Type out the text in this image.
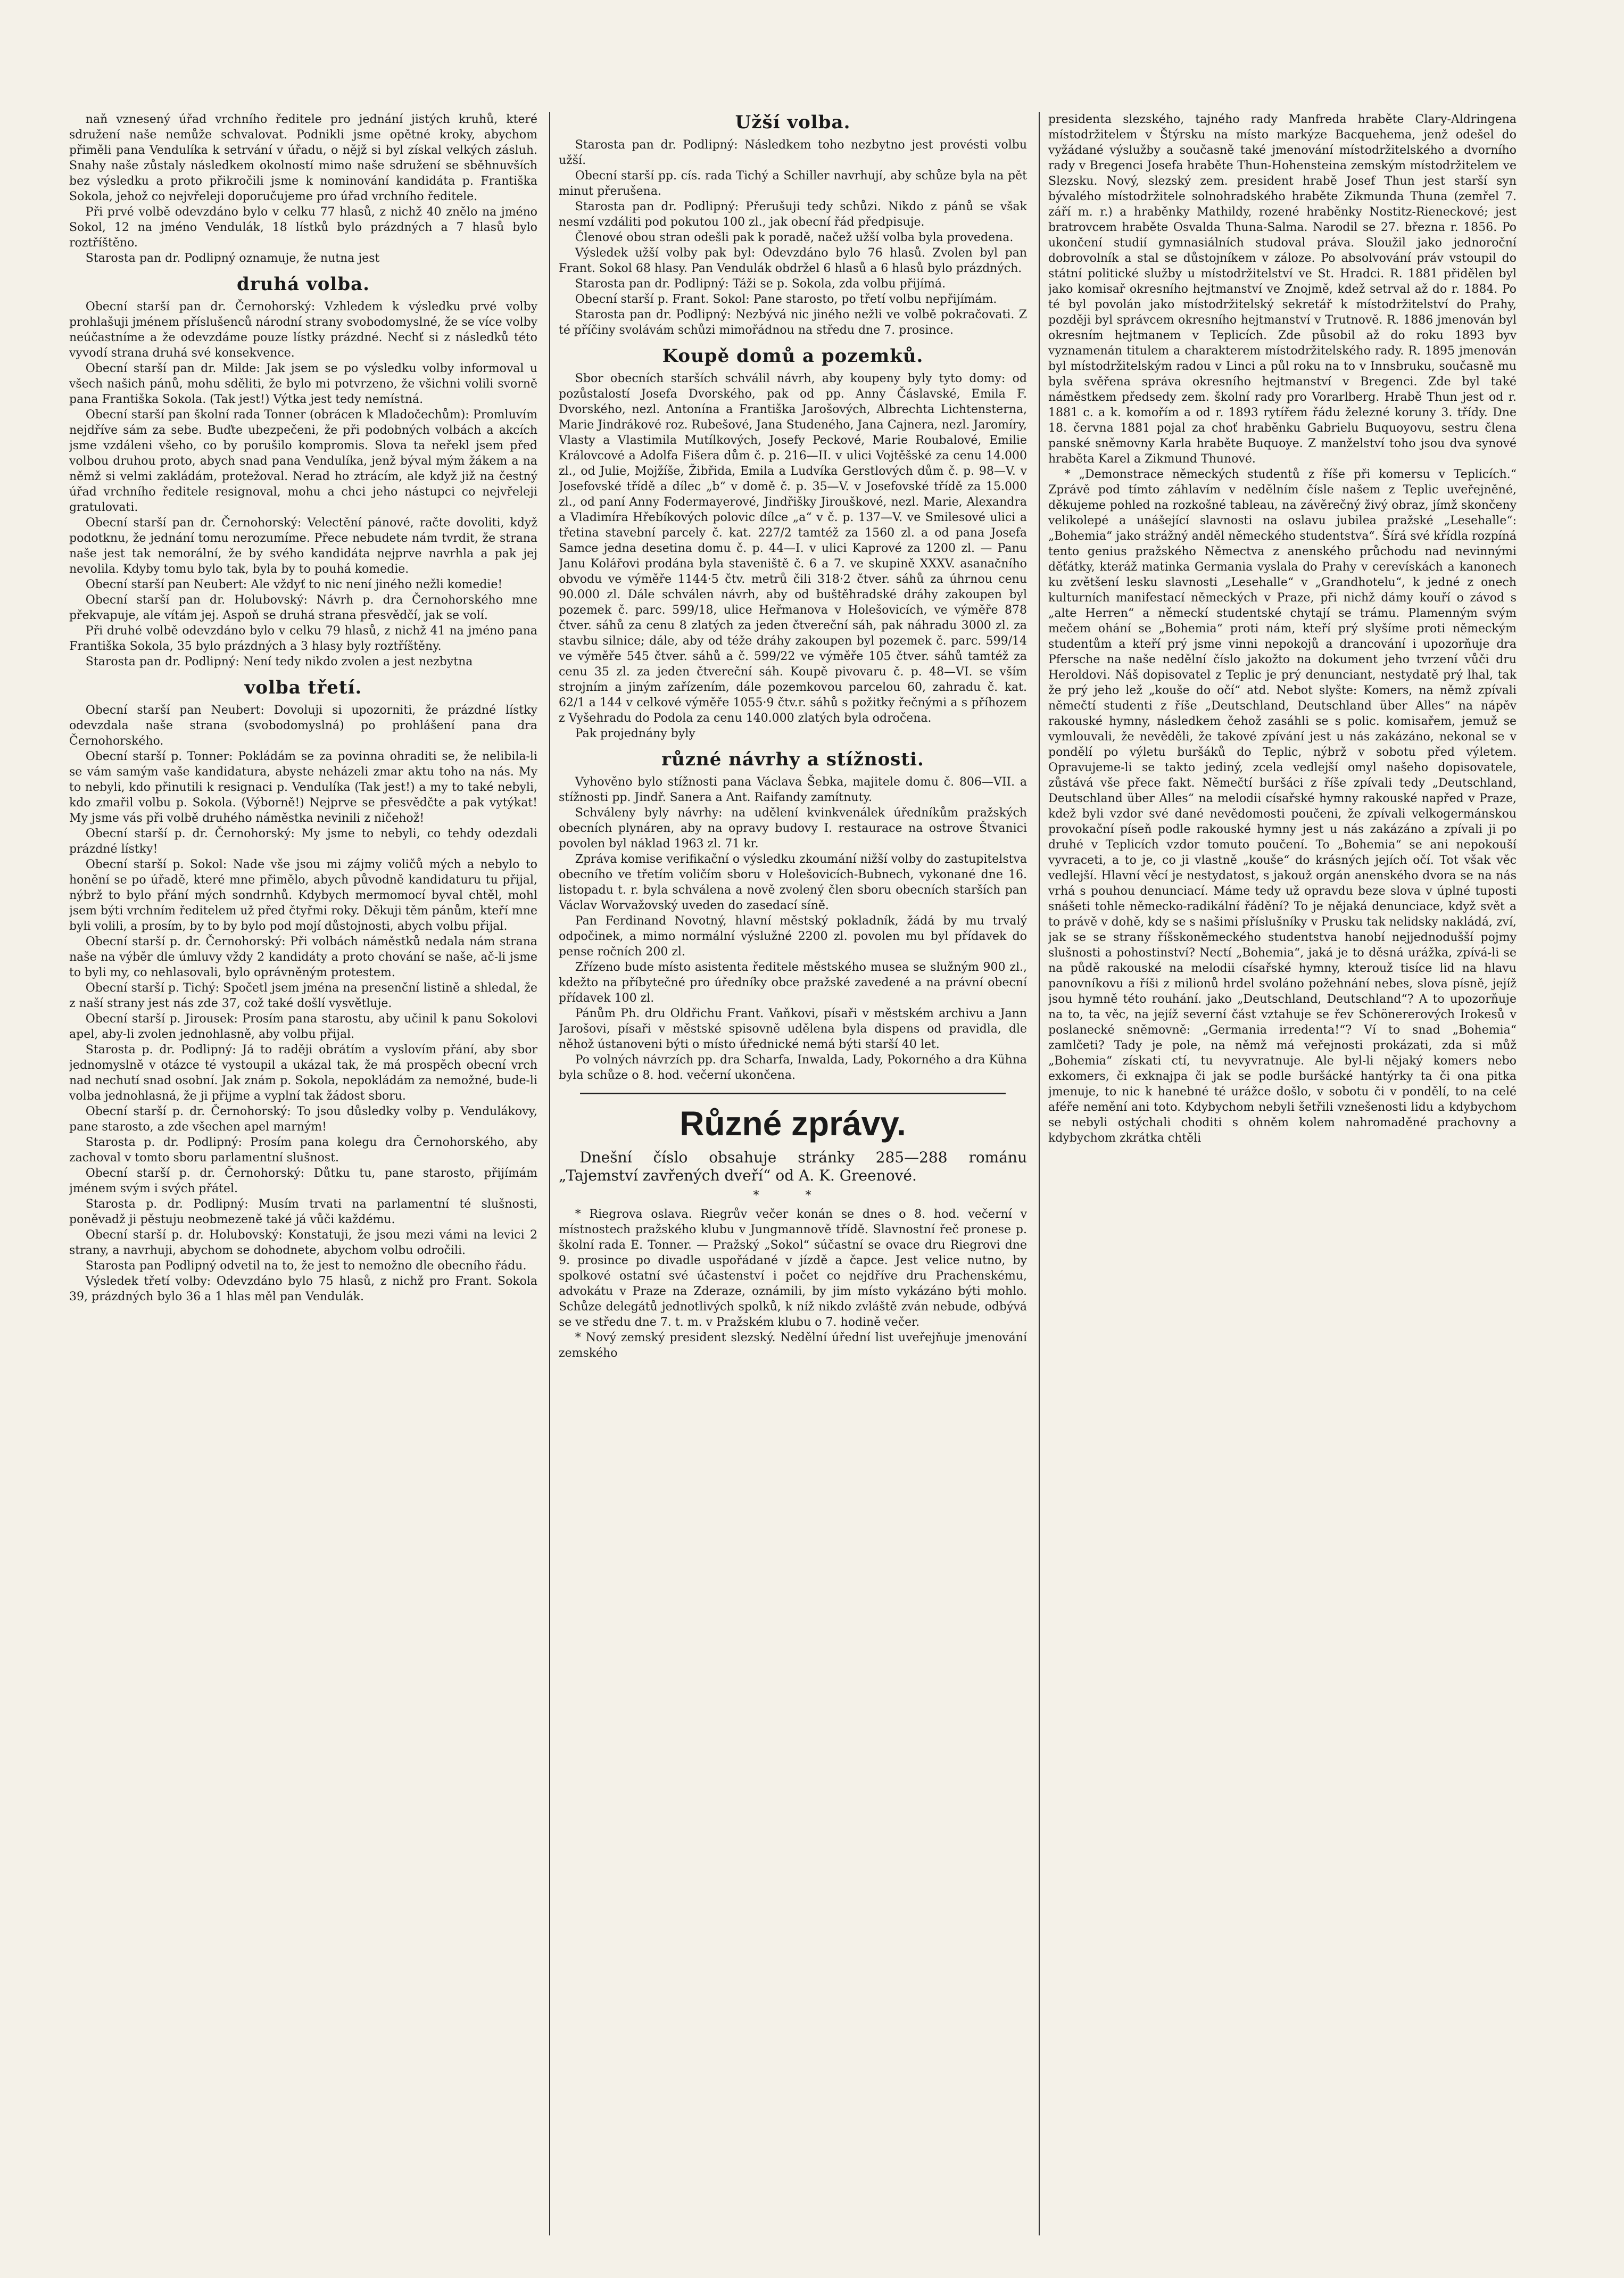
naň vznesený úřad vrchního ředitele pro jednání jistých kruhů, které sdružení naše nemůže schvalovat. Podnikli jsme opětné kroky, abychom přiměli pana Vendulíka k setrvání v úřadu, o nějž si byl získal velkých zásluh. Snahy naše zůstaly následkem okolností mimo naše sdružení se sběhnuvších bez výsledku a proto přikročili jsme k nominování kandidáta p. Františka Sokola, jehož co nejvřeleji doporučujeme pro úřad vrchního ředitele.

Při prvé volbě odevzdáno bylo v celku 77 hlasů, z nichž 40 znělo na jméno Sokol, 12 na jméno Vendulák, 18 lístků bylo prázdných a 7 hlasů bylo roztříštěno.

Starosta pan dr. Podlipný oznamuje, že nutna jest

druhá volba.

Obecní starší pan dr. Černohorský: Vzhledem k výsledku prvé volby prohlašuji jménem příslušenců národní strany svobodomyslné, že se více volby neúčastníme a že odevzdáme pouze lístky prázdné. Nechť si z následků této vyvodí strana druhá své konsekvence.

Obecní starší pan dr. Milde: Jak jsem se po výsledku volby informoval u všech našich pánů, mohu sděliti, že bylo mi potvrzeno, že všichni volili svorně pana Františka Sokola. (Tak jest!) Výtka jest tedy nemístná.

Obecní starší pan školní rada Tonner (obrácen k Mladočechům): Promluvím nejdříve sám za sebe. Buďte ubezpečeni, že při podobných volbách a akcích jsme vzdáleni všeho, co by porušilo kompromis. Slova ta neřekl jsem před volbou druhou proto, abych snad pana Vendulíka, jenž býval mým žákem a na němž si velmi zakládám, protežoval. Nerad ho ztrácím, ale když již na čestný úřad vrchního ředitele resignoval, mohu a chci jeho nástupci co nejvřeleji gratulovati.

Obecní starší pan dr. Černohorský: Velectění pánové, račte dovoliti, když podotknu, že jednání tomu nerozumíme. Přece nebudete nám tvrdit, že strana naše jest tak nemorální, že by svého kandidáta nejprve navrhla a pak jej nevolila. Kdyby tomu bylo tak, byla by to pouhá komedie.

Obecní starší pan Neubert: Ale vždyť to nic není jiného nežli komedie!

Obecní starší pan dr. Holubovský: Návrh p. dra Černohorského mne překvapuje, ale vítám jej. Aspoň se druhá strana přesvědčí, jak se volí.

Při druhé volbě odevzdáno bylo v celku 79 hlasů, z nichž 41 na jméno pana Františka Sokola, 35 bylo prázdných a 3 hlasy byly roztříštěny.

Starosta pan dr. Podlipný: Není tedy nikdo zvolen a jest nezbytna

volba třetí.

Obecní starší pan Neubert: Dovoluji si upozorniti, že prázdné lístky odevzdala naše strana (svobodomyslná) po prohlášení pana dra Černohorského.

Obecní starší p. Tonner: Pokládám se za povinna ohraditi se, že nelibila-li se vám samým vaše kandidatura, abyste neházeli zmar aktu toho na nás. My to nebyli, kdo přinutili k resignaci p. Vendulíka (Tak jest!) a my to také nebyli, kdo zmařil volbu p. Sokola. (Výborně!) Nejprve se přesvědčte a pak vytýkat! My jsme vás při volbě druhého náměstka nevinili z ničehož!

Obecní starší p. dr. Černohorský: My jsme to nebyli, co tehdy odezdali prázdné lístky!

Obecní starší p. Sokol: Nade vše jsou mi zájmy voličů mých a nebylo to honění se po úřadě, které mne přimělo, abych původně kandidaturu tu přijal, nýbrž to bylo přání mých sondrnhů. Kdybych mermomocí byval chtěl, mohl jsem býti vrchním ředitelem už před čtyřmi roky. Děkuji těm pánům, kteří mne byli volili, a prosím, by to by bylo pod mojí důstojnosti, abych volbu přijal.

Obecní starší p. dr. Černohorský: Při volbách náměstků nedala nám strana naše na výběr dle úmluvy vždy 2 kandidáty a proto chování se naše, ač-li jsme to byli my, co nehlasovali, bylo oprávněným protestem.

Obecní starší p. Tichý: Spočetl jsem jména na presenční listině a shledal, že z naší strany jest nás zde 37, což také došlí vysvětluje.

Obecní starší p. Jirousek: Prosím pana starostu, aby učinil k panu Sokolovi apel, aby-li zvolen jednohlasně, aby volbu přijal.

Starosta p. dr. Podlipný: Já to raději obrátím a vyslovím přání, aby sbor jednomyslně v otázce té vystoupil a ukázal tak, že má prospěch obecní vrch nad nechutí snad osobní. Jak znám p. Sokola, nepokládám za nemožné, bude-li volba jednohlasná, že ji přijme a vyplní tak žádost sboru.

Obecní starší p. dr. Černohorský: To jsou důsledky volby p. Vendulákovy, pane starosto, a zde všechen apel marným!

Starosta p. dr. Podlipný: Prosím pana kolegu dra Černohorského, aby zachoval v tomto sboru parlamentní slušnost.

Obecní starší p. dr. Černohorský: Důtku tu, pane starosto, přijímám jménem svým i svých přátel.

Starosta p. dr. Podlipný: Musím trvati na parlamentní té slušnosti, poněvadž ji pěstuju neobmezeně také já vůči každému.

Obecní starší p. dr. Holubovský: Konstatuji, že jsou mezi vámi na levici 2 strany, a navrhuji, abychom se dohodnete, abychom volbu odročili.

Starosta pan Podlipný odvetil na to, že jest to nemožno dle obecního řádu.

Výsledek třetí volby: Odevzdáno bylo 75 hlasů, z nichž pro Frant. Sokola 39, prázdných bylo 36 a 1 hlas měl pan Vendulák.

Užší volba.

Starosta pan dr. Podlipný: Následkem toho nezbytno jest provésti volbu užší.

Obecní starší pp. cís. rada Tichý a Schiller navrhují, aby schůze byla na pět minut přerušena.

Starosta pan dr. Podlipný: Přerušuji tedy schůzi. Nikdo z pánů se však nesmí vzdáliti pod pokutou 100 zl., jak obecní řád předpisuje.

Členové obou stran odešli pak k poradě, načež užší volba byla provedena.

Výsledek užší volby pak byl: Odevzdáno bylo 76 hlasů. Zvolen byl pan Frant. Sokol 68 hlasy. Pan Vendulák obdržel 6 hlasů a 6 hlasů bylo prázdných.

Starosta pan dr. Podlipný: Táži se p. Sokola, zda volbu přijímá.

Obecní starší p. Frant. Sokol: Pane starosto, po třetí volbu nepřijímám.

Starosta pan dr. Podlipný: Nezbývá nic jiného nežli ve volbě pokračovati. Z té příčiny svolávám schůzi mimořádnou na středu dne 7. prosince.

Koupě domů a pozemků.

Sbor obecních starších schválil návrh, aby koupeny byly tyto domy: od pozůstalostí Josefa Dvorského, pak od pp. Anny Čáslavské, Emila F. Dvorského, nezl. Antonína a Františka Jarošových, Albrechta Lichtensterna, Marie Jindrákové roz. Rubešové, Jana Studeného, Jana Cajnera, nezl. Jaromíry, Vlasty a Vlastimila Mutílkových, Josefy Peckové, Marie Roubalové, Emilie Královcové a Adolfa Fišera dům č. p. 216—II. v ulici Vojtěšské za cenu 14.000 zl., od Julie, Mojžíše, Žibřida, Emila a Ludvíka Gerstlových dům č. p. 98—V. v Josefovské třídě a díleс „b“ v domě č. p. 35—V. v Josefovské třídě za 15.000 zl., od paní Anny Fodermayerové, Jindřišky Jirouškové, nezl. Marie, Alexandra a Vladimíra Hřebíkových polovic dílce „a“ v č. p. 137—V. ve Smilesové ulici a třetina stavební parcely č. kat. 227/2 tamtéž za 1560 zl. a od pana Josefa Samce jedna desetina domu č. p. 44—I. v ulici Kaprové za 1200 zl. — Panu Janu Kolářovi prodána byla staveniště č. 6 a 7. ve skupině XXXV. asanačního obvodu ve výměře 1144·5 čtv. metrů čili 318·2 čtver. sáhů za úhrnou cenu 90.000 zl. Dále schválen návrh, aby od buštěhradské dráhy zakoupen byl pozemek č. parc. 599/18, ulice Heřmanova v Holešovicích, ve výměře 878 čtver. sáhů za cenu 8 zlatých za jeden čtvereční sáh, pak náhradu 3000 zl. za stavbu silnice; dále, aby od téže dráhy zakoupen byl pozemek č. parc. 599/14 ve výměře 545 čtver. sáhů a č. 599/22 ve výměře 105 čtver. sáhů tamtéž za cenu 35 zl. za jeden čtvereční sáh. Koupě pivovaru č. p. 48—VI. se vším strojním a jiným zařízením, dále pozemkovou parcelou 60, zahradu č. kat. 62/1 a 144 v celkové výměře 1055·9 čtv.r. sáhů s požitky řečnými a s příhozem z Vyšehradu do Podola za cenu 140.000 zlatých byla odročena.

Pak projednány byly

různé návrhy a stížnosti.

Vyhověno bylo stížnosti pana Václava Šebka, majitele domu č. 806—VII. a stížnosti pp. Jindř. Sanera a Ant. Raifandy zamítnuty.

Schváleny byly návrhy: na udělení kvinkvenálek úředníkům pražských obecních plynáren, aby na opravy budovy I. restaurace na ostrove Štvanici povolen byl náklad 1963 zl. 71 kr.

Zpráva komise verifikační o výsledku zkoumání nižší volby do zastupitelstva obecního ve třetím voličím sboru v Holešovicích-Bubnech, vykonané dne 16. listopadu t. r. byla schválena a nově zvolený člen sboru obecních starších pan Václav Worvažovský uveden do zasedací síně.

Pan Ferdinand Novotný, hlavní městský pokladník, žádá by mu trvalý odpočinek, a mimo normální výslužné 2200 zl. povolen mu byl přídavek do pense ročních 200 zl.

Zřízeno bude místo asistenta ředitele městského musea se služným 900 zl., kdežto na příbytečné pro úředníky obce pražské zavedené a na právní obecní přídavek 100 zl.

Pánům Ph. dru Oldřichu Frant. Vaňkovi, písaři v městském archivu a Jann Jarošovi, písaři v městské spisovně udělena byla dispens od pravidla, dle něhož ústanoveni býti o místo úřednické nemá býti starší 40 let.

Po volných návrzích pp. dra Scharfa, Inwalda, Lady, Pokorného a dra Kühna byla schůze o 8. hod. večerní ukončena.

Různé zprávy.

Dnešní číslo obsahuje stránky 285—288 románu „Tajemství zavřených dveří“ od A. K. Greenové.

* *

* Riegrova oslava. Riegrův večer konán se dnes o 8. hod. večerní v místnostech pražského klubu v Jungmannově třídě. Slavnostní řeč pronese p. školní rada E. Tonner. — Pražský „Sokol“ súčastní se ovace dru Riegrovi dne 9. prosince po divadle uspořádané v jízdě a čapce. Jest velice nutno, by spolkové ostatní své účastenství i počet co nejdříve dru Prachenskému, advokátu v Praze na Zderaze, oznámili, by jim místo vykázáno býti mohlo. Schůze delegátů jednotlivých spolků, k níž nikdo zvláště zván nebude, odbývá se ve středu dne 7. t. m. v Pražském klubu o 7. hodině večer.

* Nový zemský president slezský. Nedělní úřední list uveřejňuje jmenování zemského

presidenta slezského, tajného rady Manfreda hraběte Clary-Aldringena místodržitelem v Štýrsku na místo markýze Bacquehema, jenž odešel do vyžádané výslužby a současně také jmenování místodržitelského a dvorního rady v Bregenci Josefa hraběte Thun-Hohensteina zemským místodržitelem ve Slezsku. Nový, slezský zem. president hrabě Josef Thun jest starší syn bývalého místodržitele solnohradského hraběte Zikmunda Thuna (zemřel 7. září m. r.) a hraběnky Mathildy, rozené hraběnky Nostitz-Rieneckové; jest bratrovcem hraběte Osvalda Thuna-Salma. Narodil se 27. března r. 1856. Po ukončení studií gymnasiálních studoval práva. Sloužil jako jednoroční dobrovolník a stal se důstojníkem v záloze. Po absolvování práv vstoupil do státní politické služby u místodržitelství ve St. Hradci. R. 1881 přidělen byl jako komisař okresního hejtmanství ve Znojmě, kdež setrval až do r. 1884. Po té byl povolán jako místodržitelský sekretář k místodržitelství do Prahy, později byl správcem okresního hejtmanství v Trutnově. R. 1886 jmenován byl okresním hejtmanem v Teplicích. Zde působil až do roku 1893 byv vyznamenán titulem a charakterem místodržitelského rady. R. 1895 jmenován byl místodržitelským radou v Linci a půl roku na to v Innsbruku, současně mu byla svěřena správa okresního hejtmanství v Bregenci. Zde byl také náměstkem předsedy zem. školní rady pro Vorarlberg. Hrabě Thun jest od r. 1881 c. a k. komořím a od r. 1893 rytířem řádu železné koruny 3. třídy. Dne 18. června 1881 pojal za choť hraběnku Gabrielu Buquoyovu, sestru člena panské sněmovny Karla hraběte Buquoye. Z manželství toho jsou dva synové hraběta Karel a Zikmund Thunové.

* „Demonstrace německých studentů z říše při komersu v Teplicích.“ Zprávě pod tímto záhlavím v nedělním čísle našem z Teplic uveřejněné, děkujeme pohled na rozkošné tableau, na závěrečný živý obraz, jímž skončeny velikolepé a unášející slavnosti na oslavu jubilea pražské „Lesehalle“: „Bohemia“ jako strážný anděl německého studentstva“. Šírá své křídla rozpíná tento genius pražského Němectva z anenského průchodu nad nevinnými děťátky, kteráž matinka Germania vyslala do Prahy v cerevískách a kanonech ku zvětšení lesku slavnosti „Lesehalle“ v „Grandhotelu“, k jedné z onech kulturních manifestací německých v Praze, při nichž dámy kouří o závod s „alte Herren“ a německí studentské chytají se trámu. Plamenným svým mečem ohání se „Bohemia“ proti nám, kteří prý slyšíme proti německým studentům a kteří prý jsme vinni nepokojů a drancování i upozorňuje dra Pfersche na naše nedělní číslo jakožto na dokument jeho tvrzení vůči dru Heroldovi. Náš dopisovatel z Teplic je prý denunciant, nestydatě prý lhal, tak že prý jeho lež „kouše do očí“ atd. Nebot slyšte: Komers, na němž zpívali němečtí studenti z říše „Deutschland, Deutschland über Alles“ na nápěv rakouské hymny, následkem čehož zasáhli se s polic. komisařem, jemuž se vymlouvali, že nevěděli, že takové zpívání jest u nás zakázáno, nekonal se v pondělí po výletu buršáků do Teplic, nýbrž v sobotu před výletem. Opravujeme-li se takto jediný, zcela vedlejší omyl našeho dopisovatele, zůstává vše přece fakt. Němečtí buršáci z říše zpívali tedy „Deutschland, Deutschland über Alles“ na melodii císařské hymny rakouské napřed v Praze, kdež byli vzdor své dané nevědomosti poučeni, že zpívali velkogermánskou provokační píseň podle rakouské hymny jest u nás zakázáno a zpívali ji po druhé v Teplicích vzdor tomuto poučení. To „Bohemia“ se ani nepokouší vyvraceti, a to je, co ji vlastně „kouše“ do krásných jejích očí. Tot však věc vedlejší. Hlavní věcí je nestydatost, s jakouž orgán anenského dvora se na nás vrhá s pouhou denunciací. Máme tedy už opravdu beze slova v úplné tuposti snášeti tohle německo-radikální řádění? To je nějaká denunciace, když svět a to právě v dohě, kdy se s našimi příslušníky v Prusku tak nelidsky nakládá, zví, jak se se strany říšskoněmeckého studentstva hanobí nejjednodušší pojmy slušnosti a pohostinství? Nectí „Bohemia“, jaká je to děsná urážka, zpívá-li se na půdě rakouské na melodii císařské hymny, kterouž tisíce lid na hlavu panovníkovu a říši z milionů hrdel svoláno požehnání nebes, slova písně, jejíž jsou hymně této rouhání. jako „Deutschland, Deutschland“? A to upozorňuje na to, ta věc, na jejíž severní část vztahuje se řev Schönererových Irokesů v poslanecké sněmovně: „Germania irredenta!“? Ví to snad „Bohemia“ zamlčeti? Tady je pole, na němž má veřejnosti prokázati, zda si můž „Bohemia“ získati ctí, tu nevyvratnuje. Ale byl-li nějaký komers nebo exkomers, či exknajpa či jak se podle buršácké hantýrky ta či ona pitka jmenuje, to nic k hanebné té urážce došlo, v sobotu či v pondělí, to na celé aféře nemění ani toto. Kdybychom nebyli šetřili vznešenosti lidu a kdybychom se nebyli ostýchali choditi s ohněm kolem nahromaděné prachovny a kdybychom zkrátka chtěli
